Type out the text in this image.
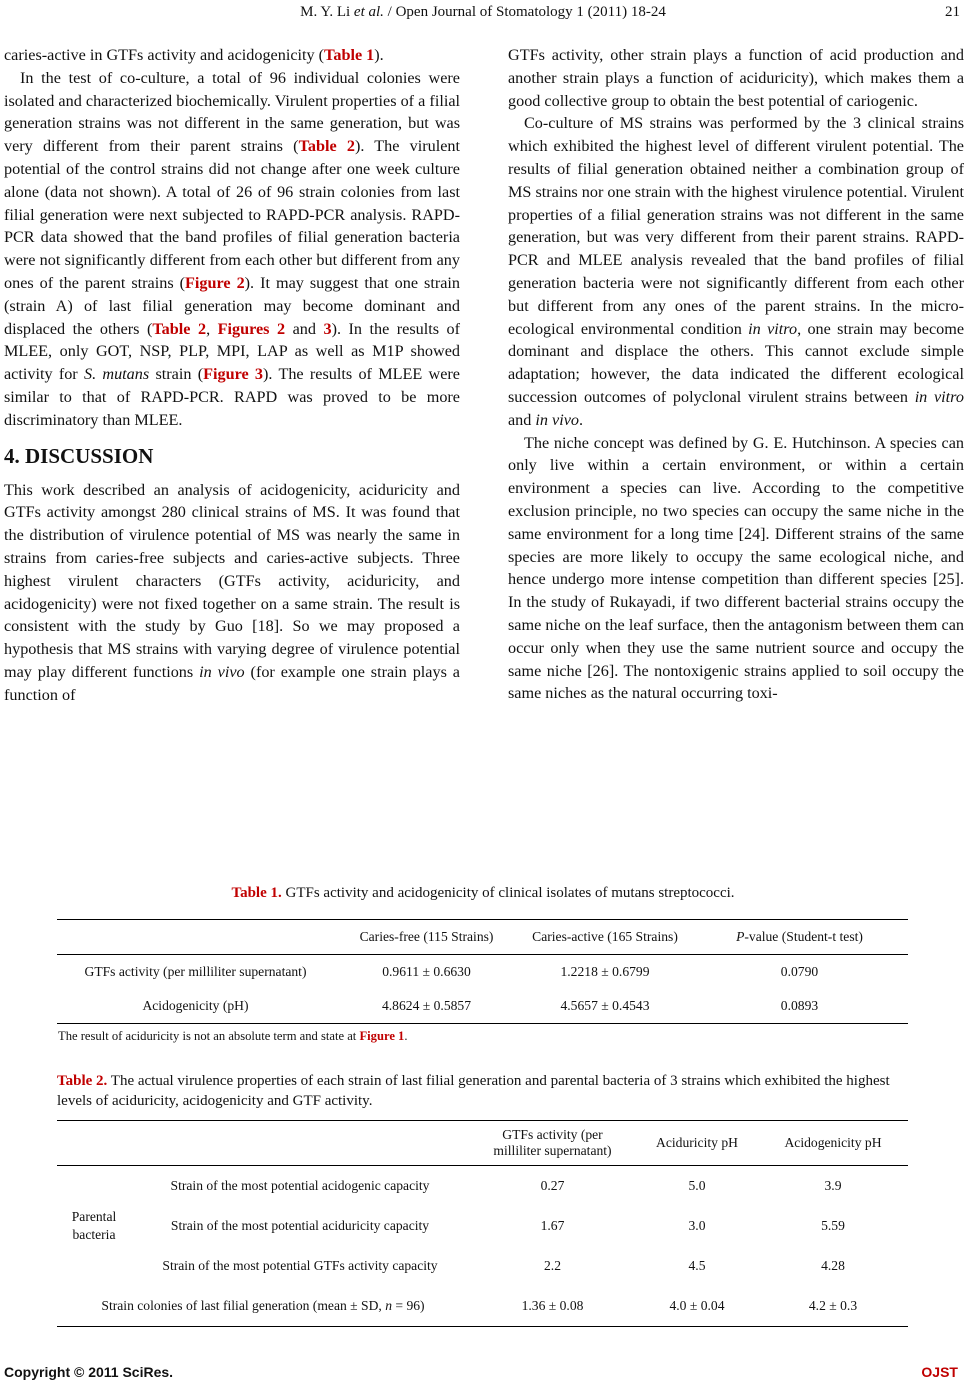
M. Y. Li et al. / Open Journal of Stomatology 1 (2011) 18-24	21

caries-active in GTFs activity and acidogenicity (Table 1).

In the test of co-culture, a total of 96 individual colonies were isolated and characterized biochemically. Virulent properties of a filial generation strains was not different in the same generation, but was very different from their parent strains (Table 2). The virulent potential of the control strains did not change after one week culture alone (data not shown). A total of 26 of 96 strain colonies from last filial generation were next subjected to RAPD-PCR analysis. RAPD-PCR data showed that the band profiles of filial generation bacteria were not significantly different from each other but different from any ones of the parent strains (Figure 2). It may suggest that one strain (strain A) of last filial generation may become dominant and displaced the others (Table 2, Figures 2 and 3). In the results of MLEE, only GOT, NSP, PLP, MPI, LAP as well as M1P showed activity for S. mutans strain (Figure 3). The results of MLEE were similar to that of RAPD-PCR. RAPD was proved to be more discriminatory than MLEE.

4. DISCUSSION

This work described an analysis of acidogenicity, aciduricity and GTFs activity amongst 280 clinical strains of MS. It was found that the distribution of virulence potential of MS was nearly the same in strains from caries-free subjects and caries-active subjects. Three highest virulent characters (GTFs activity, aciduricity, and acidogenicity) were not fixed together on a same strain. The result is consistent with the study by Guo [18]. So we may proposed a hypothesis that MS strains with varying degree of virulence potential may play different functions in vivo (for example one strain plays a function of

GTFs activity, other strain plays a function of acid production and another strain plays a function of aciduricity), which makes them a good collective group to obtain the best potential of cariogenic.

Co-culture of MS strains was performed by the 3 clinical strains which exhibited the highest level of different virulent potential. The results of filial generation obtained neither a combination group of MS strains nor one strain with the highest virulence potential. Virulent properties of a filial generation strains was not different in the same generation, but was very different from their parent strains. RAPD-PCR and MLEE analysis revealed that the band profiles of filial generation bacteria were not significantly different from each other but different from any ones of the parent strains. In the micro-ecological environmental condition in vitro, one strain may become dominant and displace the others. This cannot exclude simple adaptation; however, the data indicated the different ecological succession outcomes of polyclonal virulent strains between in vitro and in vivo.

The niche concept was defined by G. E. Hutchinson. A species can only live within a certain environment, or within a certain environment a species can live. According to the competitive exclusion principle, no two species can occupy the same niche in the same environment for a long time [24]. Different strains of the same species are more likely to occupy the same ecological niche, and hence undergo more intense competition than different species [25]. In the study of Rukayadi, if two different bacterial strains occupy the same niche on the leaf surface, then the antagonism between them can occur only when they use the same nutrient source and occupy the same niche [26]. The nontoxigenic strains applied to soil occupy the same niches as the natural occurring toxi-

Table 1. GTFs activity and acidogenicity of clinical isolates of mutans streptococci.
	Caries-free (115 Strains)	Caries-active (165 Strains)	P-value (Student-t test)
GTFs activity (per milliliter supernatant)	0.9611 ± 0.6630	1.2218 ± 0.6799	0.0790
Acidogenicity (pH)	4.8624 ± 0.5857	4.5657 ± 0.4543	0.0893
The result of aciduricity is not an absolute term and state at Figure 1.
Table 2. The actual virulence properties of each strain of last filial generation and parental bacteria of 3 strains which exhibited the highest levels of aciduricity, acidogenicity and GTF activity.
		GTFs activity (per
milliliter supernatant)	Aciduricity pH	Acidogenicity pH
Parental
bacteria	Strain of the most potential acidogenic capacity	0.27	5.0	3.9
	Strain of the most potential aciduricity capacity	1.67	3.0	5.59
	Strain of the most potential GTFs activity capacity	2.2	4.5	4.28
Strain colonies of last filial generation (mean ± SD, n = 96)		1.36 ± 0.08	4.0 ± 0.04	4.2 ± 0.3
Copyright © 2011 SciRes.	OJST
